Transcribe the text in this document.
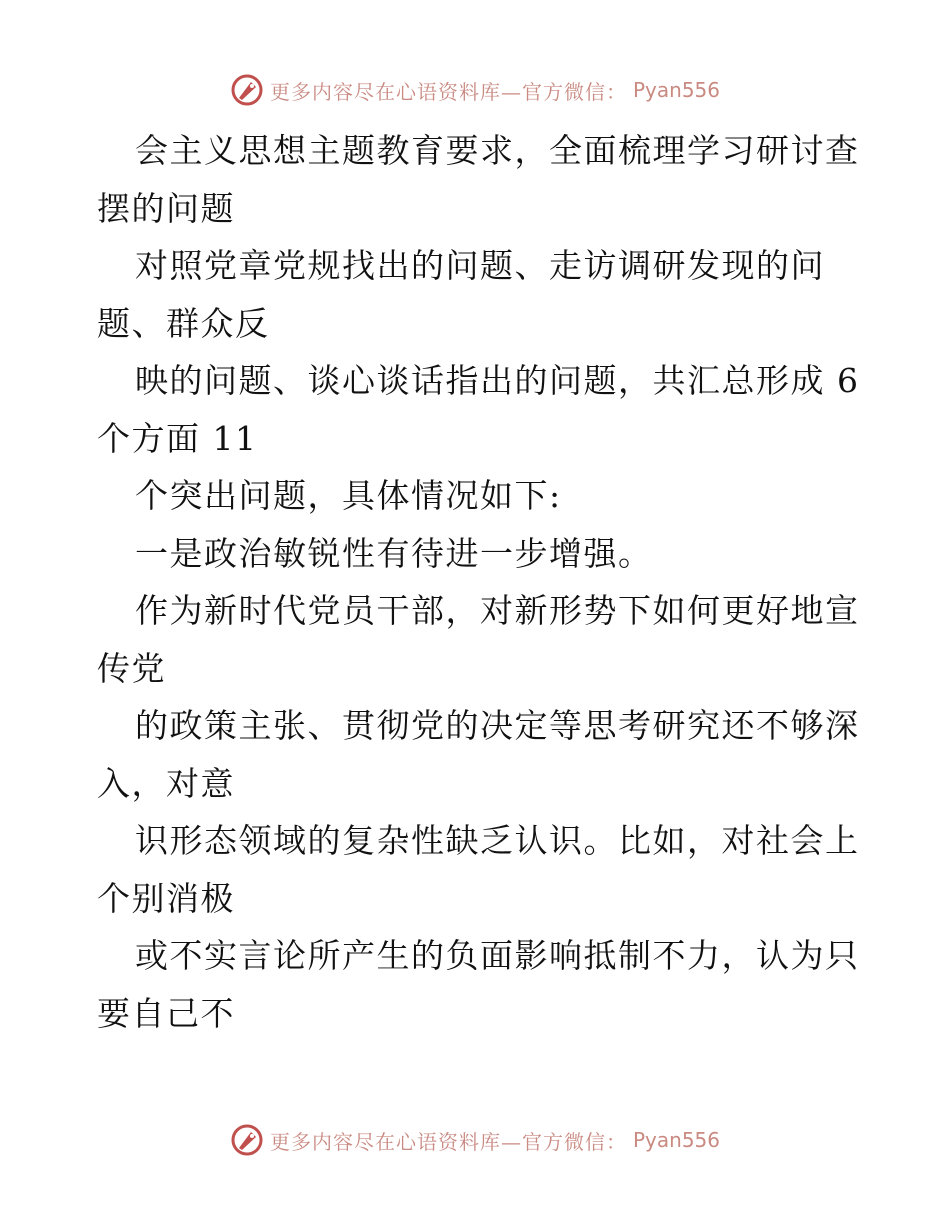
更多内容尽在心语资料库—官方微信： Pyan556
会主义思想主题教育要求，全面梳理学习研讨查
摆的问题
对照党章党规找出的问题、走访调研发现的问
题、群众反
映的问题、谈心谈话指出的问题，共汇总形成 6
个方面 11
个突出问题，具体情况如下:
一是政治敏锐性有待进一步增强。
作为新时代党员干部，对新形势下如何更好地宣
传党
的政策主张、贯彻党的决定等思考研究还不够深
入，对意
识形态领域的复杂性缺乏认识。比如，对社会上
个别消极
或不实言论所产生的负面影响抵制不力，认为只
要自己不
更多内容尽在心语资料库—官方微信： Pyan556
